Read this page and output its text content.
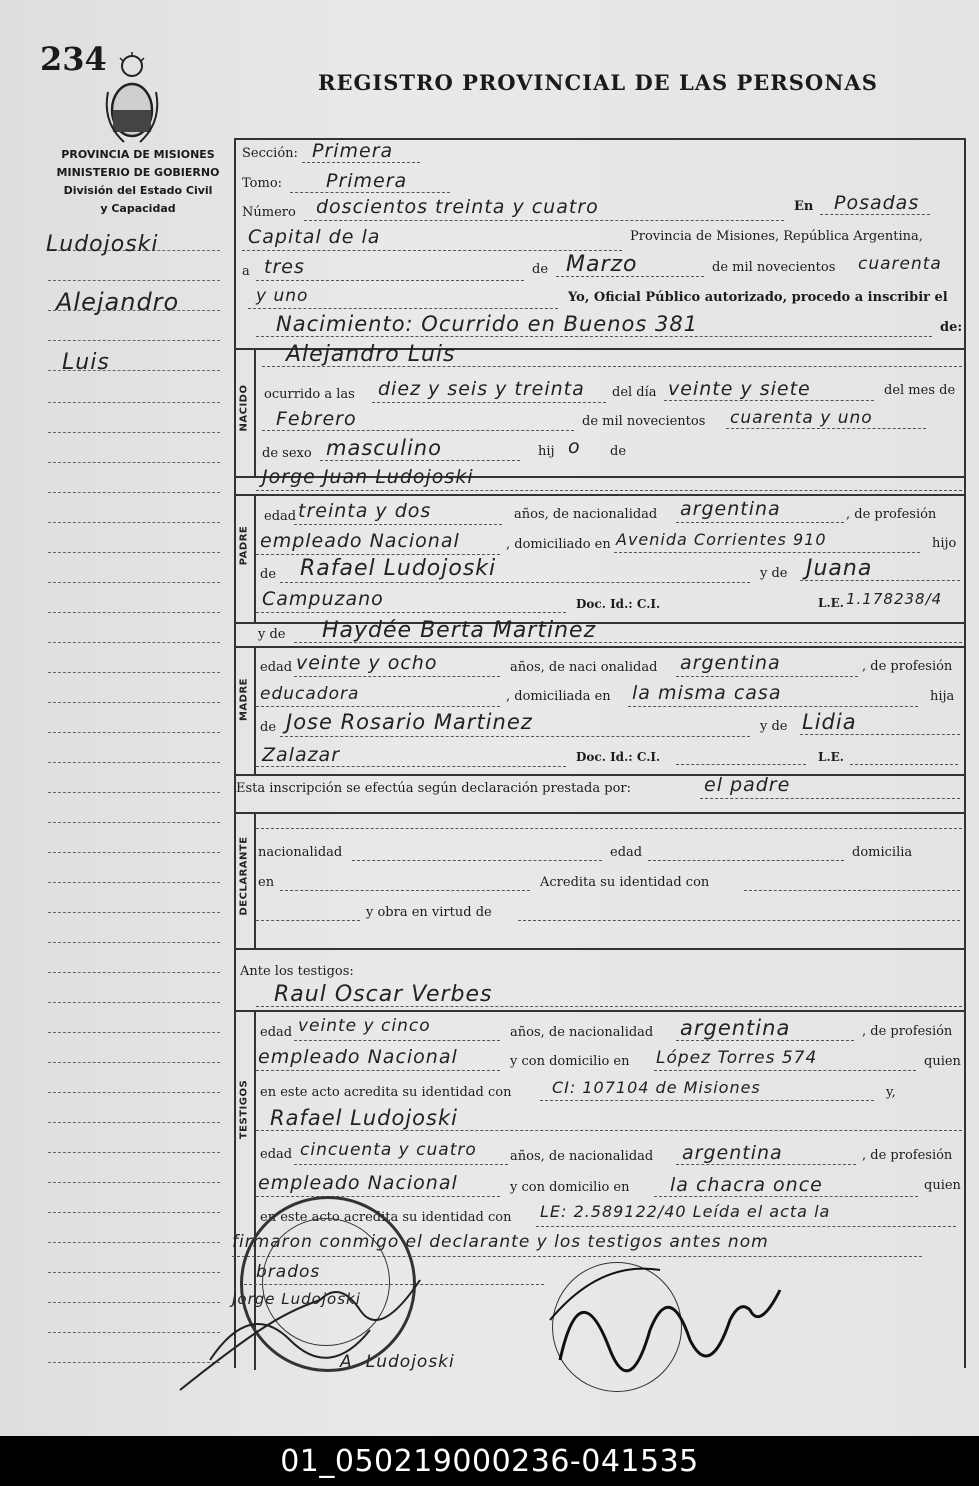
234
REGISTRO PROVINCIAL DE LAS PERSONAS
PROVINCIA DE MISIONES
MINISTERIO DE GOBIERNO
División del Estado Civil
y Capacidad
Ludojoski
Alejandro
Luis
Sección: Primera
Tomo: Primera
Número doscientos treinta y cuatro	En Posadas
Capital de la	Provincia de Misiones, República Argentina,
a tres	de Marzo	de mil novecientos cuarenta
y uno	Yo, Oficial Público autorizado, procedo a inscribir el
Nacimiento: Ocurrido en Buenos 381	de:
NACIDO
Alejandro Luis
ocurrido a las diez y seis y treinta del día veinte y siete	del mes de
Febrero	de mil novecientos cuarenta y uno
de sexo masculino	hij o de
Jorge Juan Ludojoski
PADRE
edad treinta y dos	años, de nacionalidad argentina	, de profesión
empleado Nacional	, domiciliado en Avenida Corrientes 910	hijo
de Rafael Ludojoski	y de Juana
Campuzano	Doc. Id.: C.I.	L.E. 1.178238/4
y de Haydée Berta Martinez
MADRE
edad veinte y ocho	años, de naci onalidad argentina	, de profesión
educadora	, domiciliada en la misma casa	hija
de Jose Rosario Martinez	y de Lidia
Zalazar	Doc. Id.: C.I.	L.E.
Esta inscripción se efectúa según declaración prestada por:	el padre
DECLARANTE nacionalidad	edad	domicilia
en	Acredita su identidad con
y obra en virtud de
Ante los testigos:
Raul Oscar Verbes
TESTIGOS
edad veinte y cinco	años, de nacionalidad argentina	, de profesión
empleado Nacional	y con domicilio en López Torres 574	quien
en este acto acredita su identidad con	CI: 107104 de Misiones	y,
Rafael Ludojoski
edad cincuenta y cuatro	años, de nacionalidad argentina	, de profesión
empleado Nacional	y con domicilio en la chacra once	quien
en este acto acredita su identidad con LE: 2.589122/40 Leída el acta la
firmaron conmigo el declarante y los testigos antes nom
brados
Jorge Ludojoski
A. Ludojoski
01_050219000236-041535
